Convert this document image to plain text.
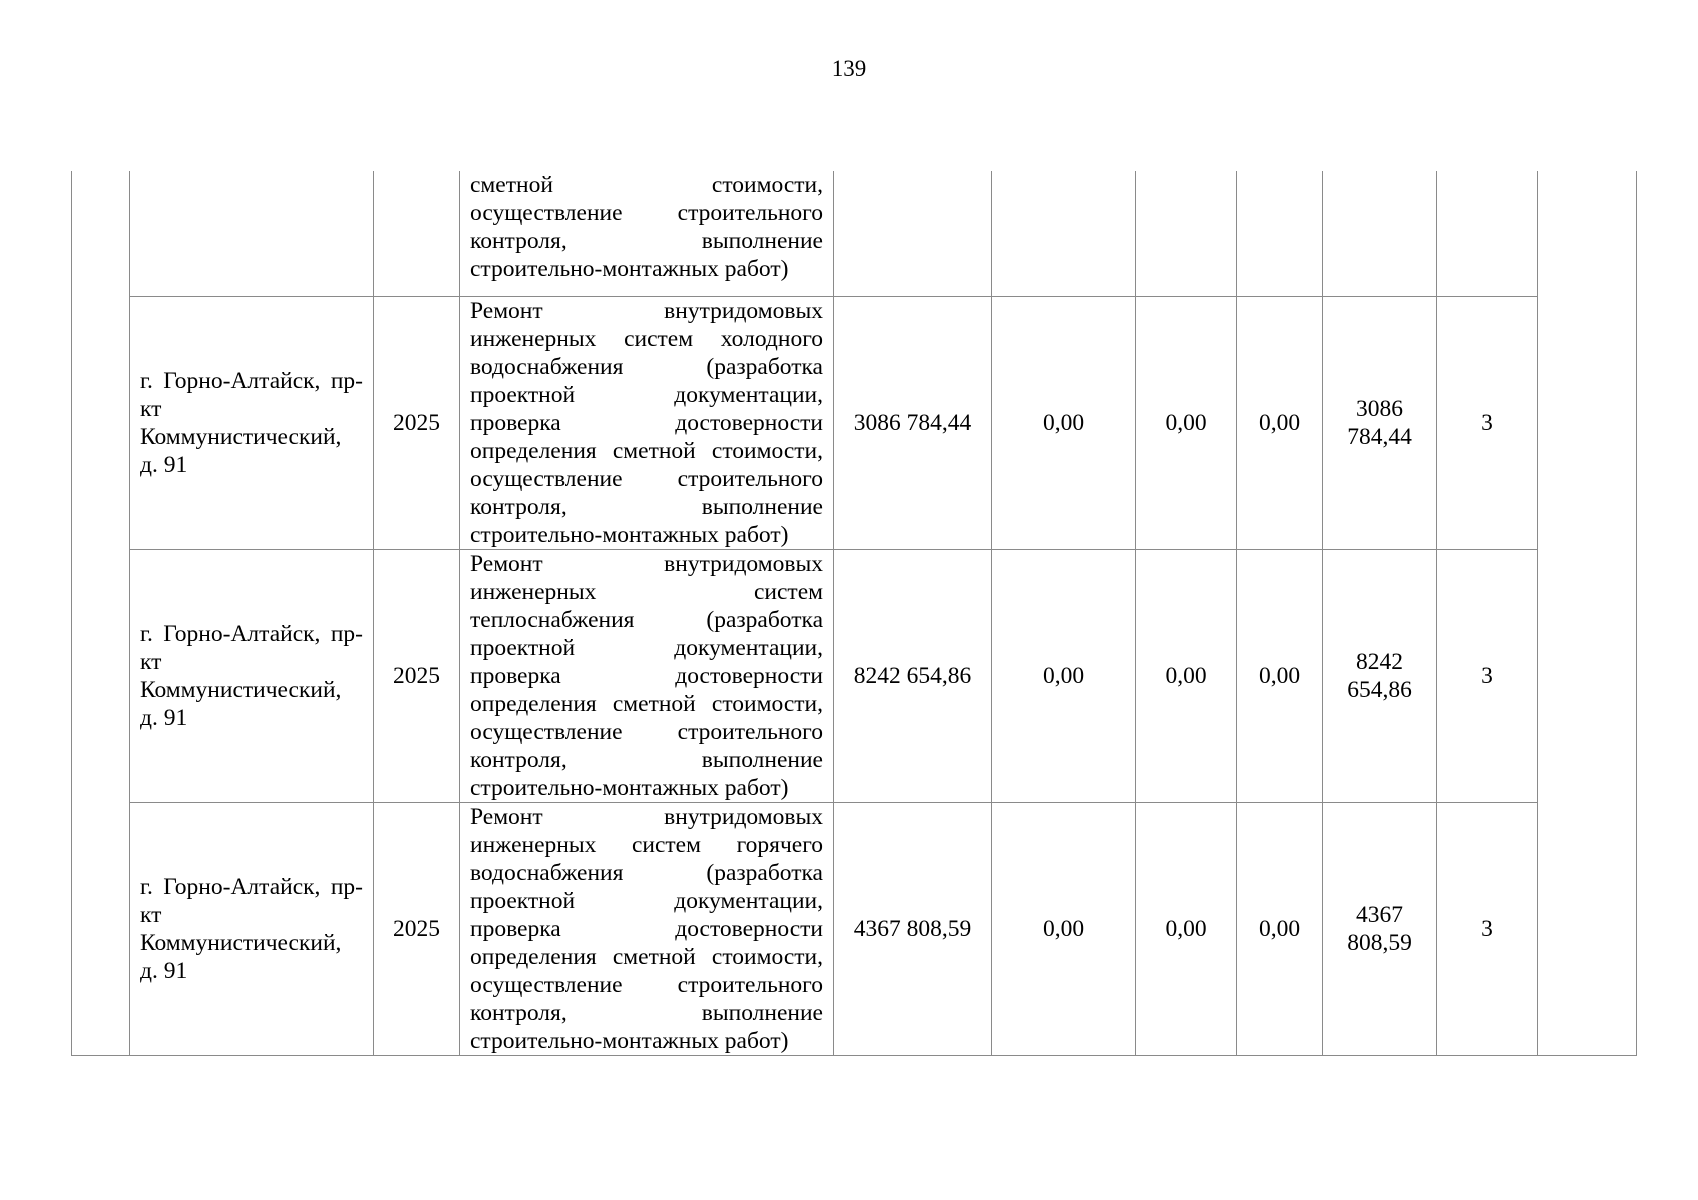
139
			сметной стоимости, осуществление строительного контроля, выполнение строительно-монтажных работ)							
	г. Горно-Алтайск, пр-кт Коммунистический, д. 91	2025	Ремонт внутридомовых инженерных систем холодного водоснабжения (разработка проектной документации, проверка достоверности определения сметной стоимости, осуществление строительного контроля, выполнение строительно-монтажных работ)	3086 784,44	0,00	0,00	0,00	3086 784,44	3	
	г. Горно-Алтайск, пр-кт Коммунистический, д. 91	2025	Ремонт внутридомовых инженерных систем теплоснабжения (разработка проектной документации, проверка достоверности определения сметной стоимости, осуществление строительного контроля, выполнение строительно-монтажных работ)	8242 654,86	0,00	0,00	0,00	8242 654,86	3	
	г. Горно-Алтайск, пр-кт Коммунистический, д. 91	2025	Ремонт внутридомовых инженерных систем горячего водоснабжения (разработка проектной документации, проверка достоверности определения сметной стоимости, осуществление строительного контроля, выполнение строительно-монтажных работ)	4367 808,59	0,00	0,00	0,00	4367 808,59	3	
